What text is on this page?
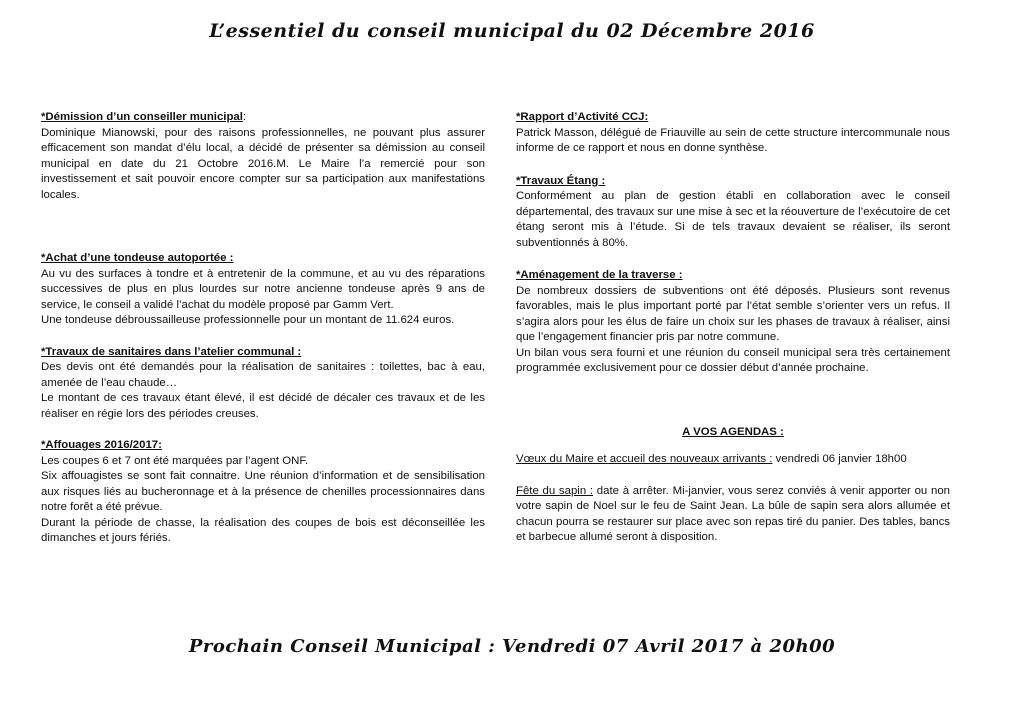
L’essentiel du conseil municipal du 02 Décembre 2016
*Démission d’un conseiller municipal:

Dominique Mianowski, pour des raisons professionnelles, ne pouvant plus assurer efficacement son mandat d’élu local, a décidé de présenter sa démission au conseil municipal en date du 21 Octobre 2016.M. Le Maire l’a remercié pour son investissement et sait pouvoir encore compter sur sa participation aux manifestations locales.

*Achat d’une tondeuse autoportée :

Au vu des surfaces à tondre et à entretenir de la commune, et au vu des réparations successives de plus en plus lourdes sur notre ancienne tondeuse après 9 ans de service, le conseil a validé l’achat du modèle proposé par Gamm Vert.

Une tondeuse débroussailleuse professionnelle pour un montant de 11.624 euros.

*Travaux de sanitaires dans l’atelier communal :

Des devis ont été demandés pour la réalisation de sanitaires : toilettes, bac à eau, amenée de l’eau chaude…

Le montant de ces travaux étant élevé, il est décidé de décaler ces travaux et de les réaliser en régie lors des périodes creuses.

*Affouages 2016/2017:

Les coupes 6 et 7 ont été marquées par l’agent ONF.

Six affouagistes se sont fait connaitre. Une réunion d’information et de sensibilisation aux risques liés au bucheronnage et à la présence de chenilles processionnaires dans notre forêt a été prévue.

Durant la période de chasse, la réalisation des coupes de bois est déconseillée les dimanches et jours fériés.

*Rapport d’Activité CCJ:

Patrick Masson, délégué de Friauville au sein de cette structure intercommunale nous informe de ce rapport et nous en donne synthèse.

*Travaux Étang :

Conformément au plan de gestion établi en collaboration avec le conseil départemental, des travaux sur une mise à sec et la réouverture de l’exécutoire de cet étang seront mis à l’étude. Si de tels travaux devaient se réaliser, ils seront subventionnés à 80%.

*Aménagement de la traverse :

De nombreux dossiers de subventions ont été déposés. Plusieurs sont revenus favorables, mais le plus important porté par l’état semble s’orienter vers un refus. Il s’agira alors pour les élus de faire un choix sur les phases de travaux à réaliser, ainsi que l’engagement financier pris par notre commune.

Un bilan vous sera fourni et une réunion du conseil municipal sera très certainement programmée exclusivement pour ce dossier début d’année prochaine.

A VOS AGENDAS :

Vœux du Maire et accueil des nouveaux arrivants : vendredi 06 janvier 18h00

Fête du sapin : date à arrêter. Mi-janvier, vous serez conviés à venir apporter ou non votre sapin de Noel sur le feu de Saint Jean. La bûle de sapin sera alors allumée et chacun pourra se restaurer sur place avec son repas tiré du panier. Des tables, bancs et barbecue allumé seront à disposition.

Prochain Conseil Municipal : Vendredi 07 Avril 2017 à 20h00
